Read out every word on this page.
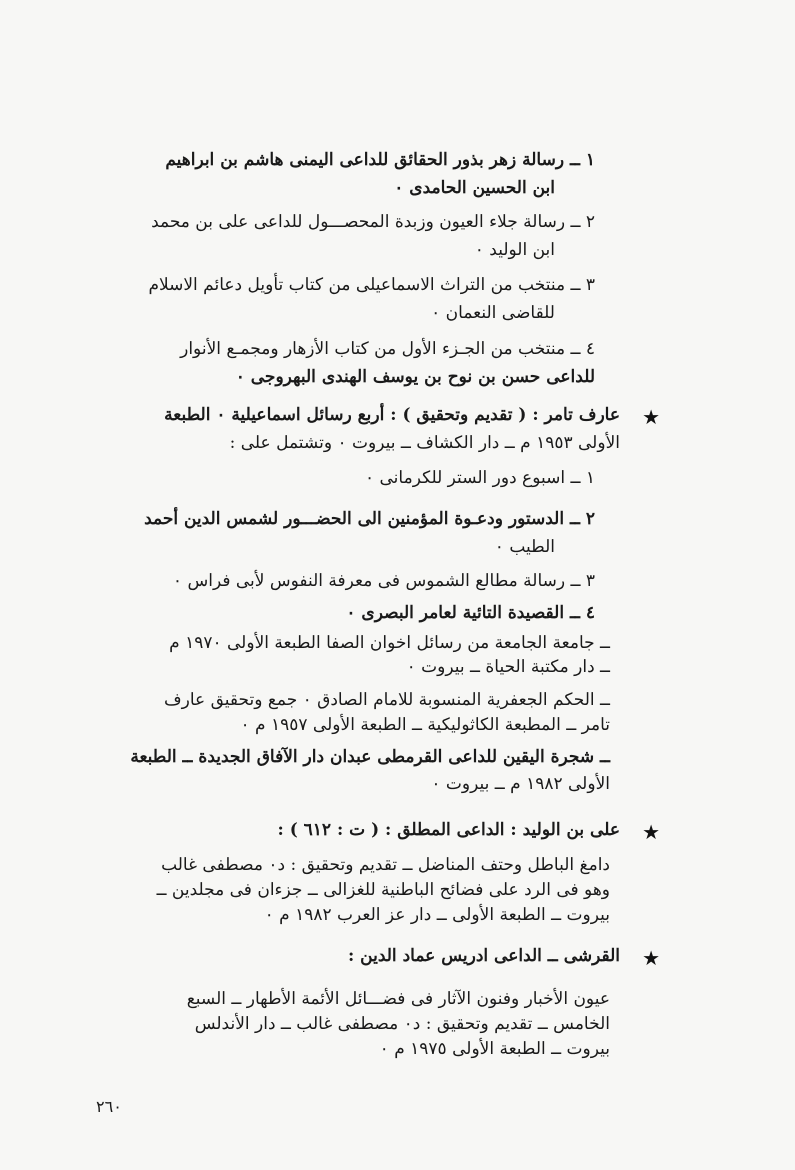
١ ــ رسالة زهر بذور الحقائق للداعى اليمنى هاشم بن ابراهيم
ابن الحسين الحامدى ٠
٢ ــ رسالة جلاء العيون وزبدة المحصـــول للداعى على بن محمد
ابن الوليد ٠
٣ ــ منتخب من التراث الاسماعيلى من كتاب تأويل دعائم الاسلام
للقاضى النعمان ٠
٤ ــ منتخب من الجـزء الأول من كتاب الأزهار ومجمـع الأنوار
للداعى حسن بن نوح بن يوسف الهندى البهروجى ٠
★
عارف تامر : ( تقديم وتحقيق ) : أربع رسائل اسماعيلية ٠ الطبعة
الأولى ١٩٥٣ م ــ دار الكشاف ــ بيروت ٠ وتشتمل على :
١ ــ اسبوع دور الستر للكرمانى ٠
٢ ــ الدستور ودعـوة المؤمنين الى الحضـــور لشمس الدين أحمد
الطيب ٠
٣ ــ رسالة مطالع الشموس فى معرفة النفوس لأبى فراس ٠
٤ ــ القصيدة التائية لعامر البصرى ٠
ــ جامعة الجامعة من رسائل اخوان الصفا الطبعة الأولى ١٩٧٠ م
ــ دار مكتبة الحياة ــ بيروت ٠
ــ الحكم الجعفرية المنسوبة للامام الصادق ٠ جمع وتحقيق عارف
تامر ــ المطبعة الكاثوليكية ــ الطبعة الأولى ١٩٥٧ م ٠
ــ شجرة اليقين للداعى القرمطى عبدان دار الآفاق الجديدة ــ الطبعة
الأولى ١٩٨٢ م ــ بيروت ٠
★
على بن الوليد : الداعى المطلق : ( ت : ٦١٢ ) :
دامغ الباطل وحتف المناضل ــ تقديم وتحقيق : د٠ مصطفى غالب
وهو فى الرد على فضائح الباطنية للغزالى ــ جزءان فى مجلدين ــ
بيروت ــ الطبعة الأولى ــ دار عز العرب ١٩٨٢ م ٠
★
القرشى ــ الداعى ادريس عماد الدين :
عيون الأخبار وفنون الآثار فى فضـــائل الأئمة الأطهار ــ السبع
الخامس ــ تقديم وتحقيق : د٠ مصطفى غالب ــ دار الأندلس
بيروت ــ الطبعة الأولى ١٩٧٥ م ٠
٢٦٠
